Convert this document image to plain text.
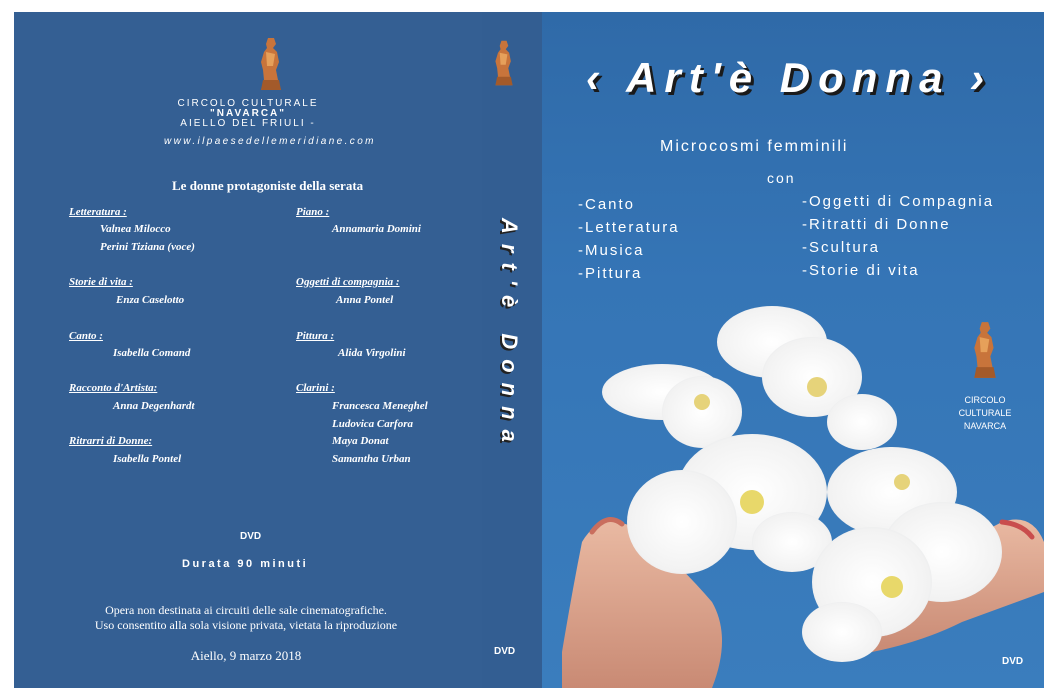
CIRCOLO CULTURALE
"NAVARCA"
AIELLO DEL FRIULI -
www.ilpaesedellemeridiane.com
Le donne protagoniste della serata
Letteratura :
Valnea Milocco
Perini Tiziana (voce)
Storie di vita :
Enza Caselotto
Canto :
Isabella Comand
Racconto d'Artista:
Anna Degenhardt
Ritrarri di Donne:
Isabella Pontel
Piano :
Annamaria Domini
Oggetti di compagnia :
Anna Pontel
Pittura :
Alida Virgolini
Clarini :
Francesca Meneghel
Ludovica Carfora
Maya Donat
Samantha Urban
DVD
Durata 90 minuti
Opera non destinata ai circuiti delle sale cinematografiche.
Uso consentito alla sola visione privata, vietata la riproduzione
Aiello, 9 marzo 2018
Art'è Donna
DVD
‹ Art'è Donna ›
Microcosmi femminili
con
-Canto
-Letteratura
-Musica
-Pittura
-Oggetti di Compagnia
-Ritratti di Donne
-Scultura
-Storie di vita
CIRCOLO
CULTURALE
NAVARCA
DVD
